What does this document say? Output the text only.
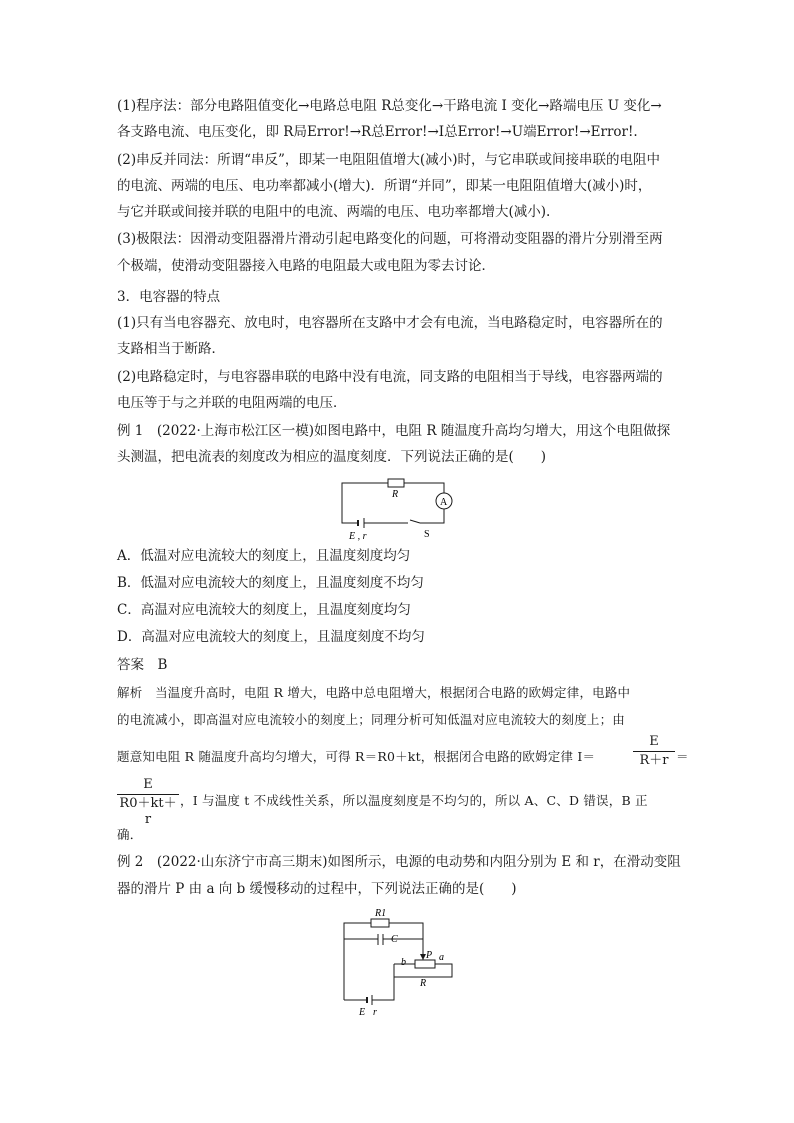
(1)程序法：部分电路阻值变化→电路总电阻 R总变化→干路电流 I 变化→路端电压 U 变化→
各支路电流、电压变化，即 R局Error!→R总Error!→I总Error!→U端Error!→Error!.
(2)串反并同法：所谓“串反”，即某一电阻阻值增大(减小)时，与它串联或间接串联的电阻中
的电流、两端的电压、电功率都减小(增大)．所谓“并同”，即某一电阻阻值增大(减小)时，
与它并联或间接并联的电阻中的电流、两端的电压、电功率都增大(减小).
(3)极限法：因滑动变阻器滑片滑动引起电路变化的问题，可将滑动变阻器的滑片分别滑至两
个极端，使滑动变阻器接入电路的电阻最大或电阻为零去讨论．
3．电容器的特点
(1)只有当电容器充、放电时，电容器所在支路中才会有电流，当电路稳定时，电容器所在的
支路相当于断路．
(2)电路稳定时，与电容器串联的电路中没有电流，同支路的电阻相当于导线，电容器两端的
电压等于与之并联的电阻两端的电压．
例 1　(2022·上海市松江区一模)如图电路中，电阻 R 随温度升高均匀增大，用这个电阻做探
头测温，把电流表的刻度改为相应的温度刻度．下列说法正确的是(　　)
R
A
E , r	S
A．低温对应电流较大的刻度上，且温度刻度均匀
B．低温对应电流较大的刻度上，且温度刻度不均匀
C．高温对应电流较大的刻度上，且温度刻度均匀
D．高温对应电流较大的刻度上，且温度刻度不均匀
答案　B
解析　当温度升高时，电阻 R 增大，电路中总电阻增大，根据闭合电路的欧姆定律，电路中
的电流减小，即高温对应电流较小的刻度上；同理分析可知低温对应电流较大的刻度上；由
题意知电阻 R 随温度升高均匀增大，可得 R＝R0＋kt，根据闭合电路的欧姆定律 I＝
E
R＋r ＝
E
R0＋kt＋r
，I 与温度 t 不成线性关系，所以温度刻度是不均匀的，所以 A、C、D 错误，B 正
确．
例 2　(2022·山东济宁市高三期末)如图所示，电源的电动势和内阻分别为 E 和 r，在滑动变阻
器的滑片 P 由 a 向 b 缓慢移动的过程中，下列说法正确的是(　　)
R1
C
P a
b
R
E r
